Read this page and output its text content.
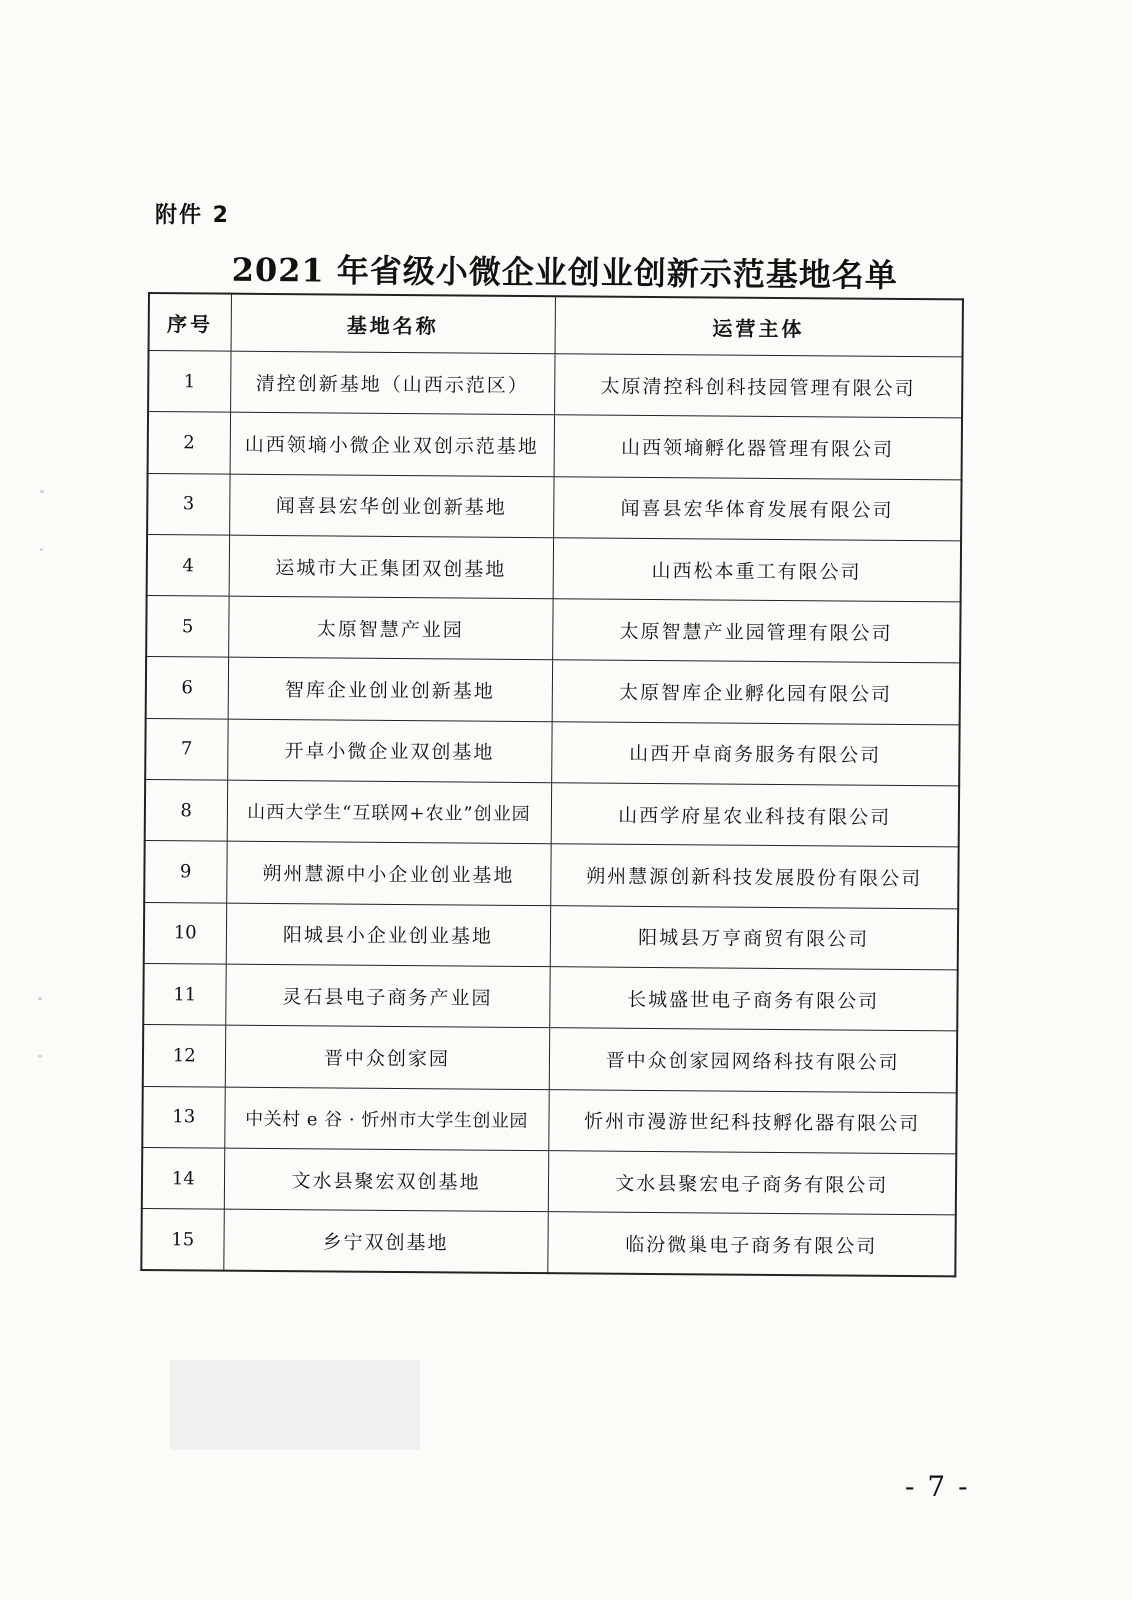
附件 2
2021 年省级小微企业创业创新示范基地名单
序号	基地名称	运营主体
1	清控创新基地（山西示范区）	太原清控科创科技园管理有限公司
2	山西领墒小微企业双创示范基地	山西领墒孵化器管理有限公司
3	闻喜县宏华创业创新基地	闻喜县宏华体育发展有限公司
4	运城市大正集团双创基地	山西松本重工有限公司
5	太原智慧产业园	太原智慧产业园管理有限公司
6	智库企业创业创新基地	太原智库企业孵化园有限公司
7	开卓小微企业双创基地	山西开卓商务服务有限公司
8	山西大学生“互联网+农业”创业园	山西学府星农业科技有限公司
9	朔州慧源中小企业创业基地	朔州慧源创新科技发展股份有限公司
10	阳城县小企业创业基地	阳城县万亨商贸有限公司
11	灵石县电子商务产业园	长城盛世电子商务有限公司
12	晋中众创家园	晋中众创家园网络科技有限公司
13	中关村 e 谷 · 忻州市大学生创业园	忻州市漫游世纪科技孵化器有限公司
14	文水县聚宏双创基地	文水县聚宏电子商务有限公司
15	乡宁双创基地	临汾微巢电子商务有限公司
- 7 -
